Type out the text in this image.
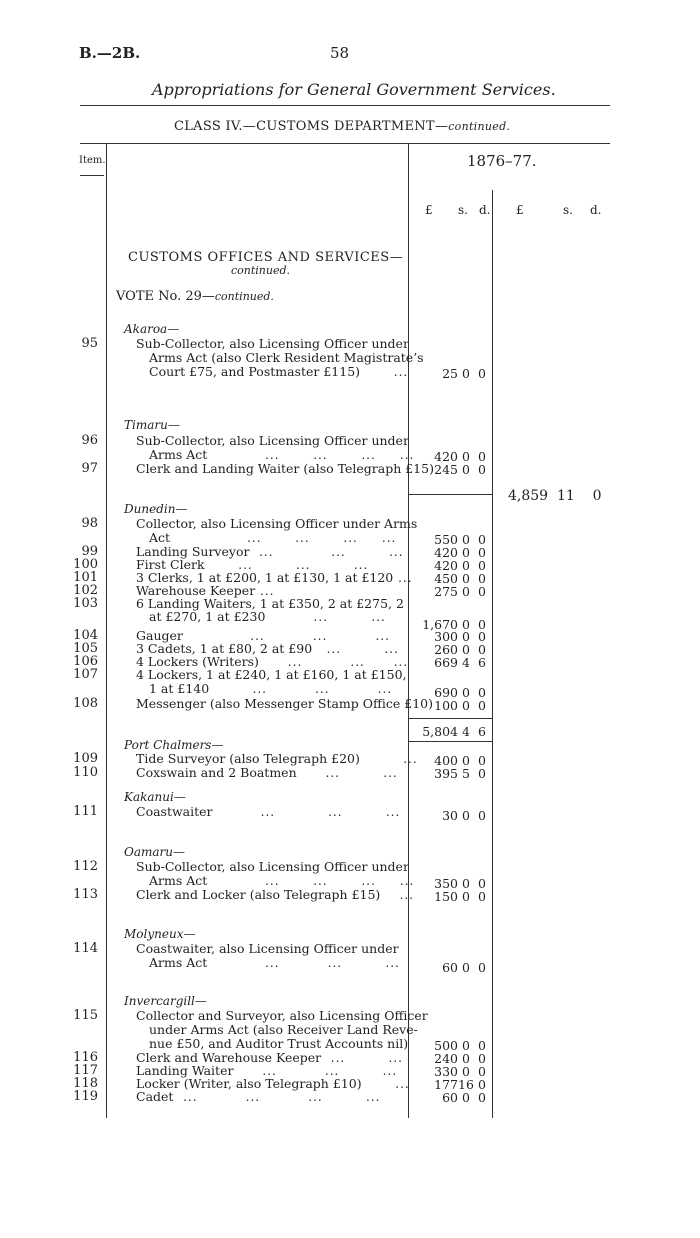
B.—2B.	58
Appropriations for General Government Services.
CLASS IV.—CUSTOMS DEPARTMENT—continued.
Item.	1876–77.
£ s. d. £	s. d.
CUSTOMS OFFICES AND SERVICES—
continued.
VOTE No. 29—continued.
Akaroa—
95	Sub-Collector, also Licensing Officer under
Arms Act (also Clerk Resident Magistrate’s
Court £75, and Postmaster £115)       ...	25 0 0
Timaru—
96	Sub-Collector, also Licensing Officer under
Arms Act            ...       ...       ...     ...	420 0 0
97	Clerk and Landing Waiter (also Telegraph £15) 245 0 0
4,859 11 0
Dunedin—
98	Collector, also Licensing Officer under Arms
Act                ...       ...       ...     ...	550 0 0
99	Landing Surveyor  ...            ...         ...	420 0 0
100	First Clerk       ...         ...         ...	420 0 0
101	3 Clerks, 1 at £200, 1 at £130, 1 at £120 ...	450 0 0
102	Warehouse Keeper ...	275 0 0
103	6 Landing Waiters, 1 at £350, 2 at £275, 2
at £270, 1 at £230          ...         ...	1,670 0 0
104	Gauger              ...          ...          ...	300 0 0
105	3 Cadets, 1 at £80, 2 at £90   ...         ...	260 0 0
106	4 Lockers (Writers)      ...          ...      ...	669 4 6
107	4 Lockers, 1 at £240, 1 at £160, 1 at £150,
1 at £140         ...          ...          ...	690 0 0
108	Messenger (also Messenger Stamp Office £10) 100 0 0
5,804 4 6
Port Chalmers—
109	Tide Surveyor (also Telegraph £20)         ...	400 0 0
110	Coxswain and 2 Boatmen      ...         ...	395 5 0
Kakanui—
111	Coastwaiter          ...           ...         ...	30 0 0
Oamaru—
112	Sub-Collector, also Licensing Officer under
Arms Act            ...       ...       ...     ...	350 0 0
113	Clerk and Locker (also Telegraph £15)    ...	150 0 0
Molyneux—
114	Coastwaiter, also Licensing Officer under
Arms Act            ...          ...         ...	60 0 0
Invercargill—
115	Collector and Surveyor, also Licensing Officer
under Arms Act (also Receiver Land Reve-
nue £50, and Auditor Trust Accounts nil)	500 0 0
116	Clerk and Warehouse Keeper  ...         ...	240 0 0
117	Landing Waiter      ...          ...         ...	330 0 0
118	Locker (Writer, also Telegraph £10)       ...	177 16 0
119	Cadet  ...          ...          ...         ...	60 0 0
